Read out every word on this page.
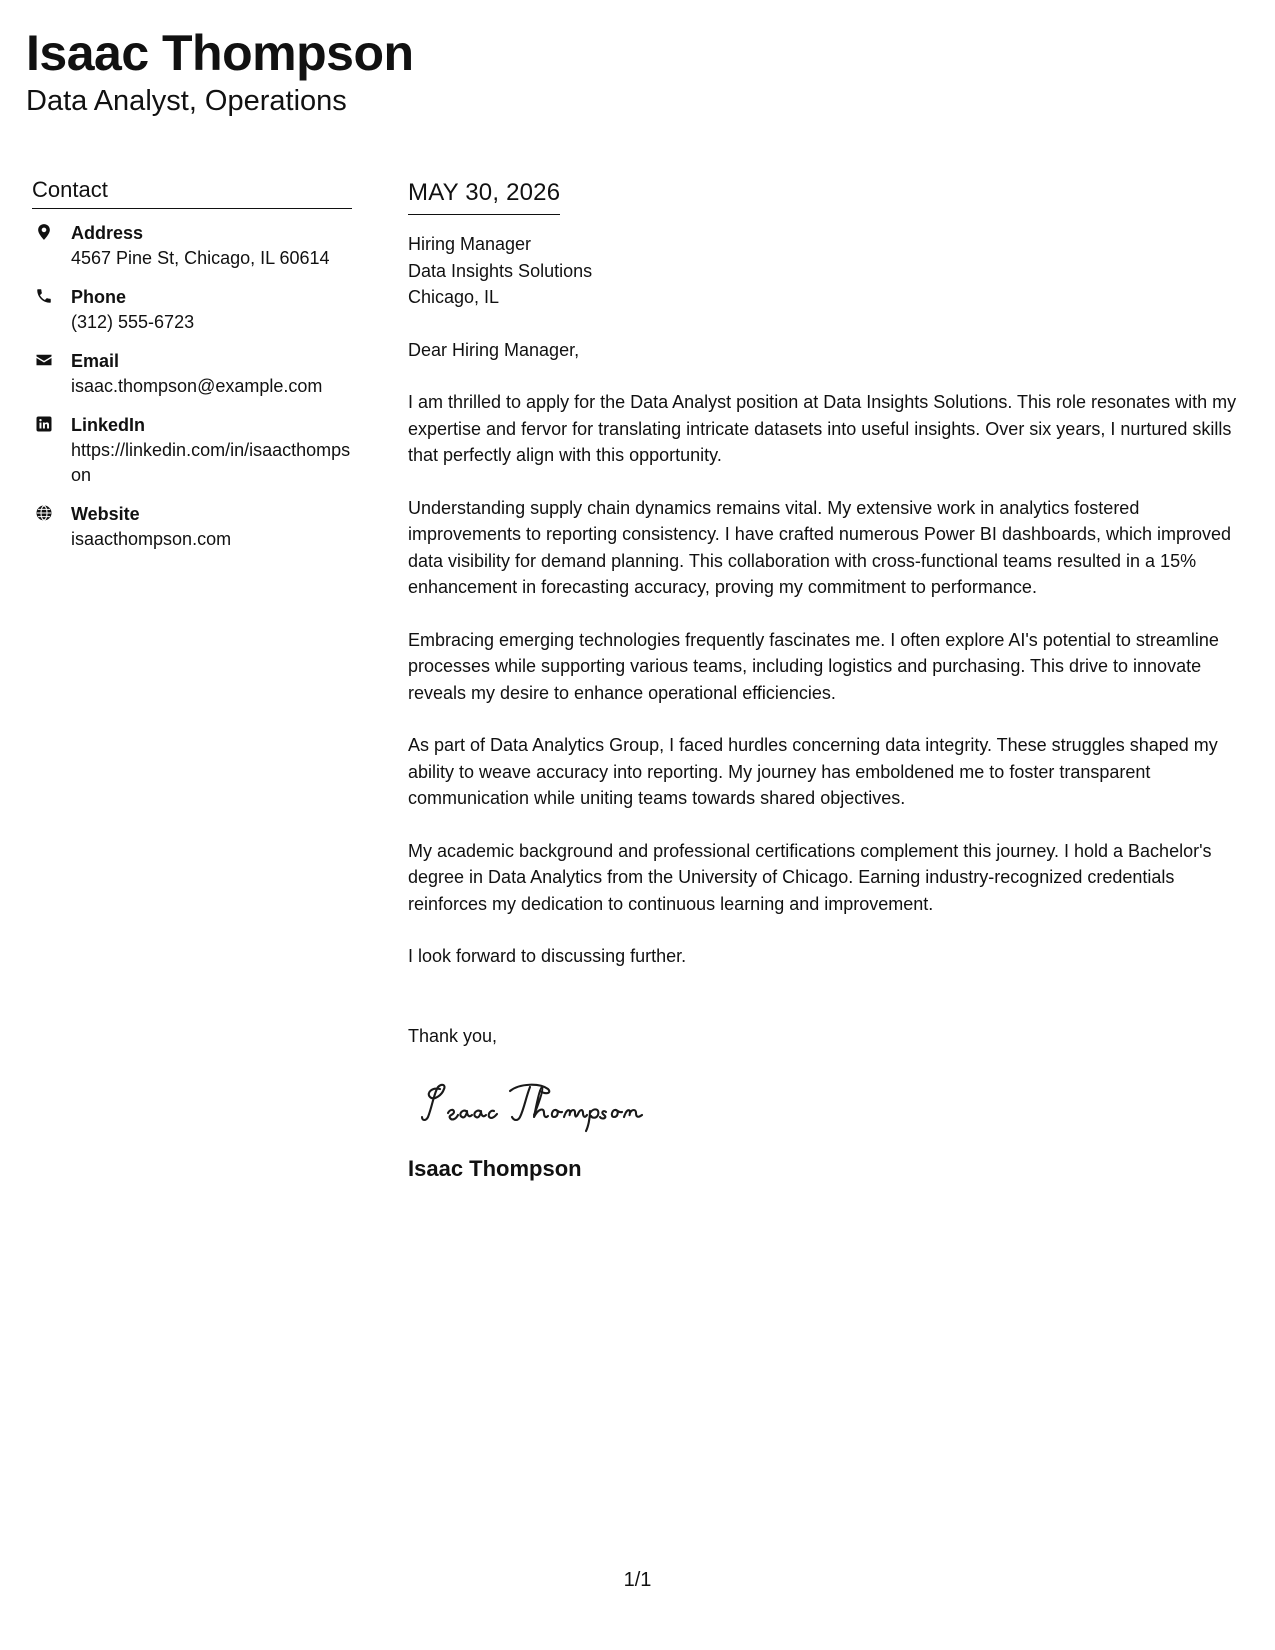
Isaac Thompson
Data Analyst, Operations
Contact
Address
4567 Pine St, Chicago, IL 60614
Phone
(312) 555-6723
Email
isaac.thompson@example.com
LinkedIn
https://linkedin.com/in/isaacthompson
Website
isaacthompson.com
MAY 30, 2026
Hiring Manager
Data Insights Solutions
Chicago, IL
Dear Hiring Manager,

I am thrilled to apply for the Data Analyst position at Data Insights Solutions. This role resonates with my expertise and fervor for translating intricate datasets into useful insights. Over six years, I nurtured skills that perfectly align with this opportunity.

Understanding supply chain dynamics remains vital. My extensive work in analytics fostered improvements to reporting consistency. I have crafted numerous Power BI dashboards, which improved data visibility for demand planning. This collaboration with cross-functional teams resulted in a 15% enhancement in forecasting accuracy, proving my commitment to performance.

Embracing emerging technologies frequently fascinates me. I often explore AI's potential to streamline processes while supporting various teams, including logistics and purchasing. This drive to innovate reveals my desire to enhance operational efficiencies.

As part of Data Analytics Group, I faced hurdles concerning data integrity. These struggles shaped my ability to weave accuracy into reporting. My journey has emboldened me to foster transparent communication while uniting teams towards shared objectives.

My academic background and professional certifications complement this journey. I hold a Bachelor's degree in Data Analytics from the University of Chicago. Earning industry-recognized credentials reinforces my dedication to continuous learning and improvement.

I look forward to discussing further.

Thank you,
Isaac Thompson
1/1
